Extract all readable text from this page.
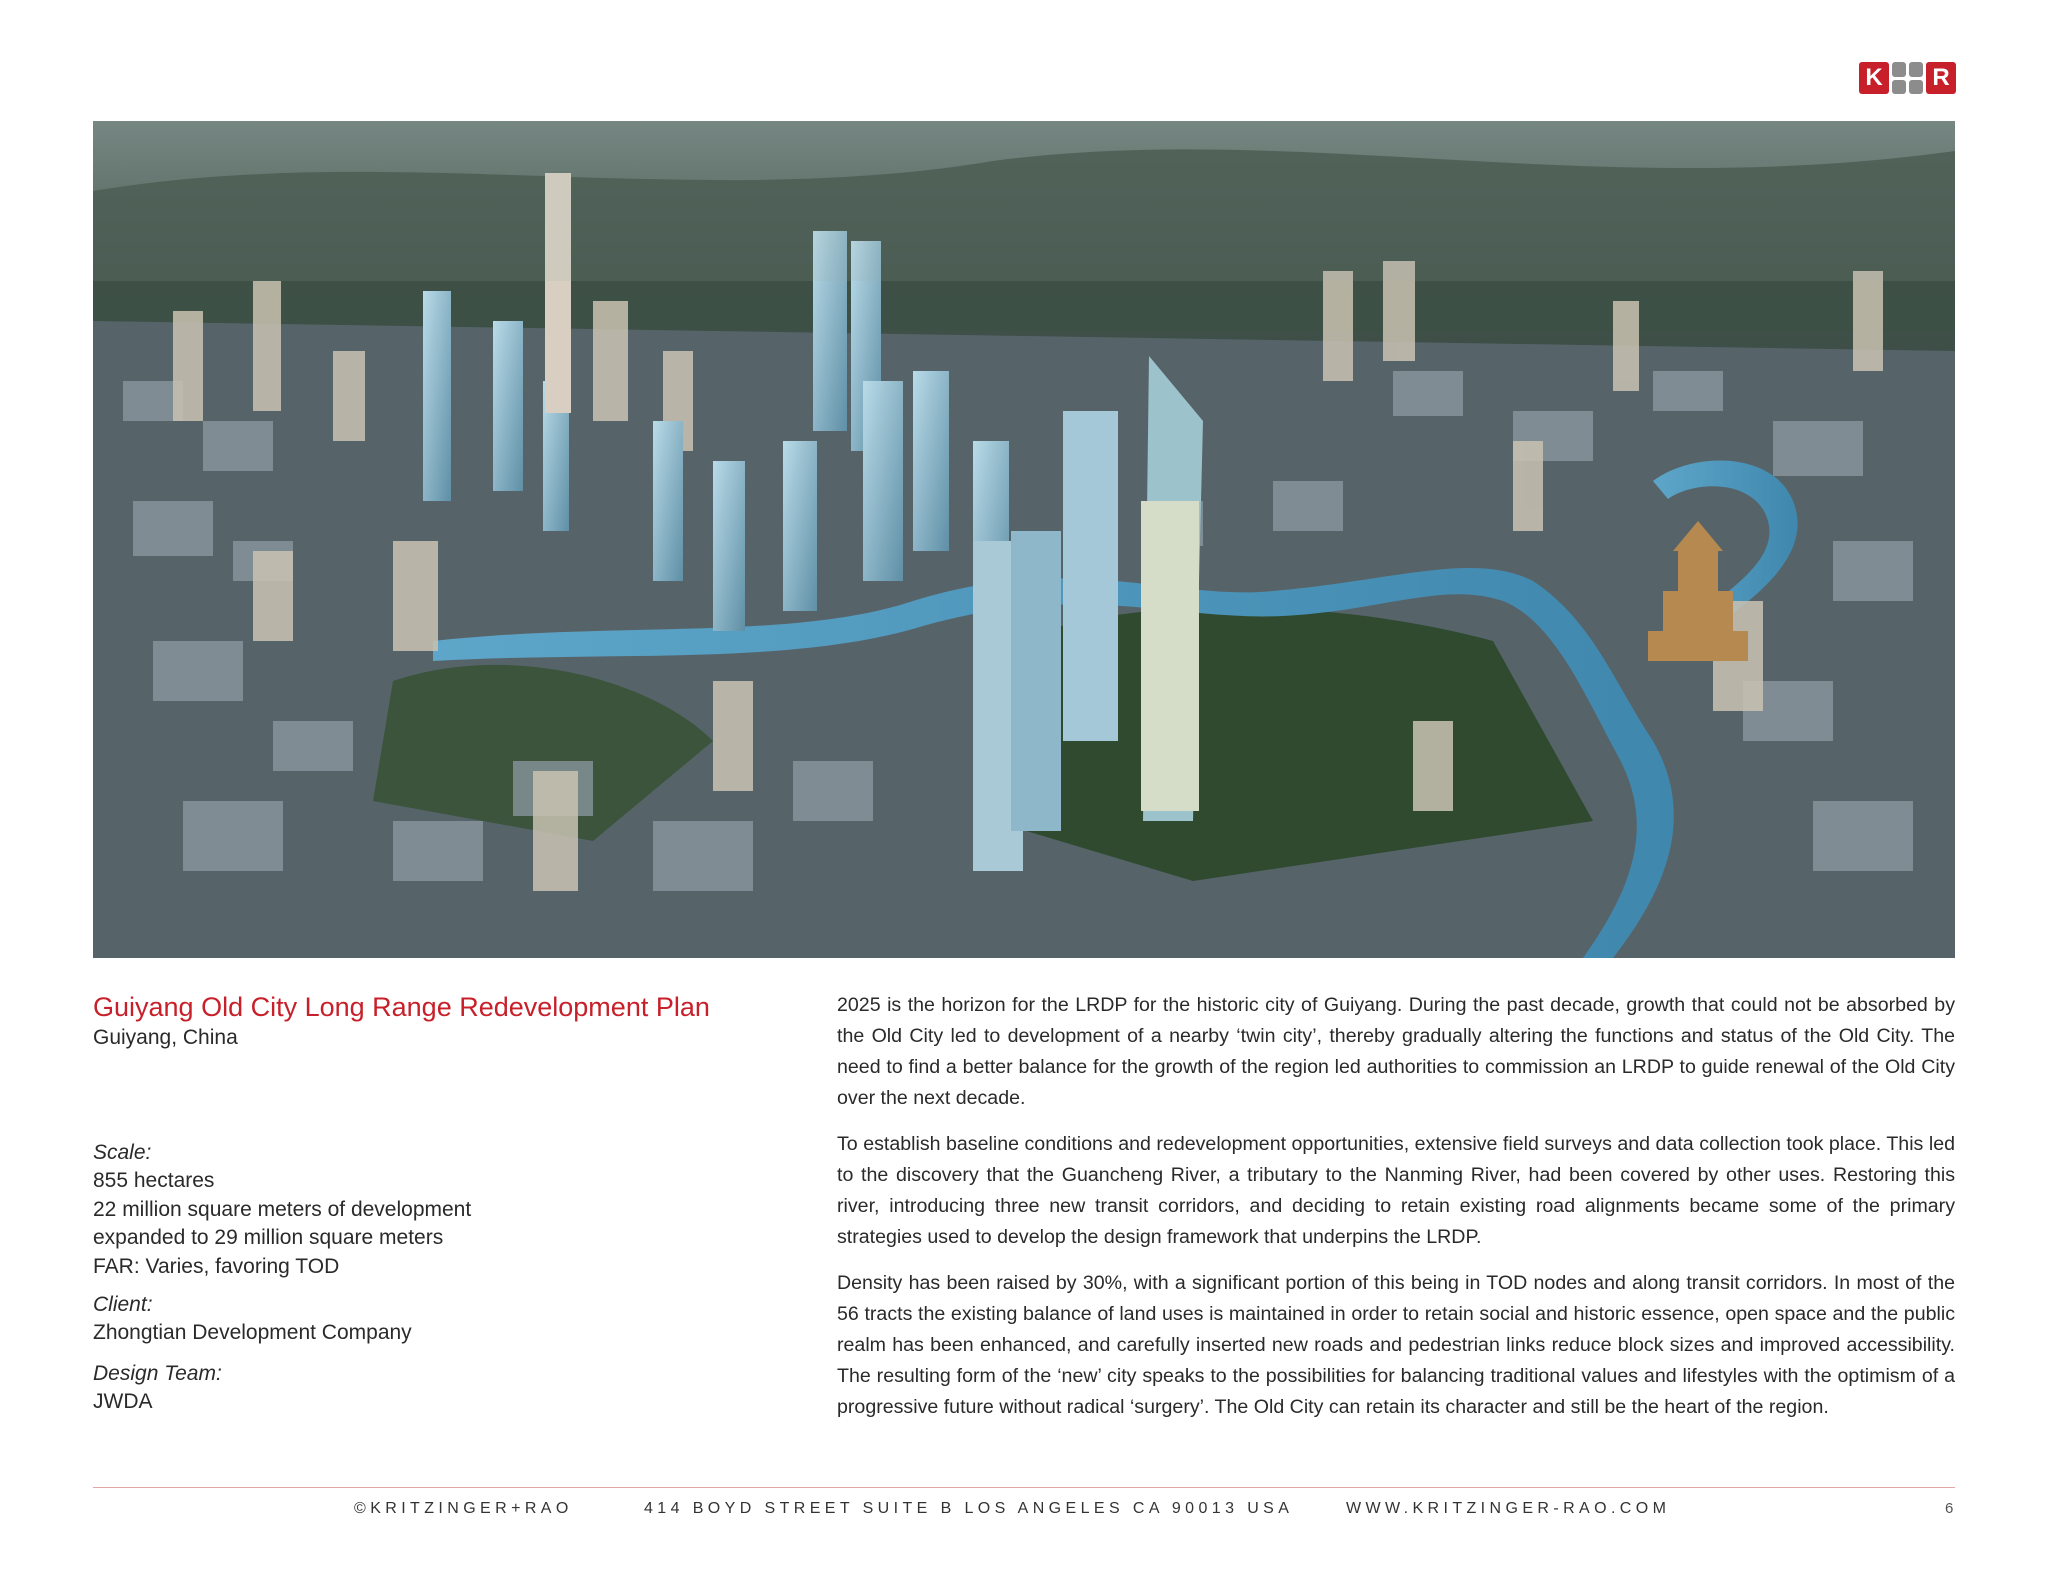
K R
Guiyang Old City Long Range Redevelopment Plan

Guiyang, China

Scale:

855 hectares

22 million square meters of development

expanded to 29 million square meters

FAR: Varies, favoring TOD

Client:

Zhongtian Development Company

Design Team:

JWDA

2025 is the horizon for the LRDP for the historic city of Guiyang. During the past decade, growth that could not be absorbed by the Old City led to development of a nearby ‘twin city’, thereby gradually altering the functions and status of the Old City. The need to find a better balance for the growth of the region led authorities to commission an LRDP to guide renewal of the Old City over the next decade.

To establish baseline conditions and redevelopment opportunities, extensive field surveys and data collection took place. This led to the discovery that the Guancheng River, a tributary to the Nanming River, had been covered by other uses. Restoring this river, introducing three new transit corridors, and deciding to retain existing road alignments became some of the primary strategies used to develop the design framework that underpins the LRDP.

Density has been raised by 30%, with a significant portion of this being in TOD nodes and along transit corridors. In most of the 56 tracts the existing balance of land uses is maintained in order to retain social and historic essence, open space and the public realm has been enhanced, and carefully inserted new roads and pedestrian links reduce block sizes and improved accessibility. The resulting form of the ‘new’ city speaks to the possibilities for balancing traditional values and lifestyles with the optimism of a progressive future without radical ‘surgery’. The Old City can retain its character and still be the heart of the region.

©KRITZINGER+RAO	414 BOYD STREET SUITE B LOS ANGELES CA 90013 USA	WWW.KRITZINGER-RAO.COM	6
